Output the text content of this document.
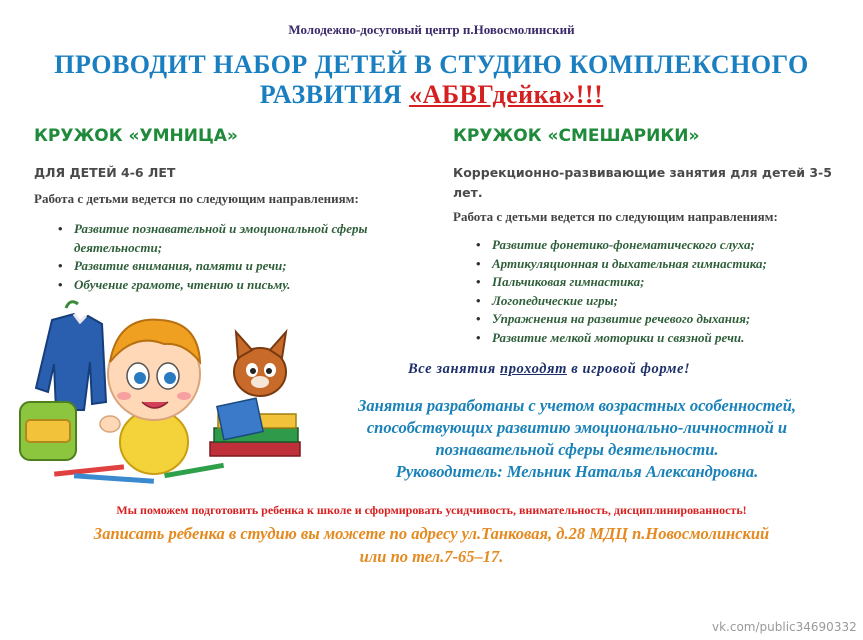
Молодежно-досуговый центр п.Новосмолинский
ПРОВОДИТ НАБОР ДЕТЕЙ В СТУДИЮ КОМПЛЕКСНОГО
РАЗВИТИЯ «АБВГдейка»!!!
КРУЖОК «УМНИЦА»
ДЛЯ ДЕТЕЙ 4-6 ЛЕТ
Работа с детьми ведется по следующим направлениям:
• Развитие познавательной и эмоциональной сферы деятельности;
• Развитие внимания, памяти и речи;
• Обучение грамоте, чтению и письму.
КРУЖОК «СМЕШАРИКИ»
Коррекционно-развивающие занятия для детей 3-5 лет.
Работа с детьми ведется по следующим направлениям:
• Развитие фонетико-фонематического слуха;
• Артикуляционная и дыхательная гимнастика;
• Пальчиковая гимнастика;
• Логопедические игры;
• Упражнения на развитие речевого дыхания;
• Развитие мелкой моторики и связной речи.
Все занятия проходят в игровой форме!
Занятия разработаны с учетом возрастных особенностей,
способствующих развитию эмоционально-личностной и
познавательной сферы деятельности.
Руководитель: Мельник Наталья Александровна.
Мы поможем подготовить ребенка к школе и сформировать усидчивость, внимательность, дисциплинированность!
Записать ребенка в студию вы можете по адресу ул.Танковая, д.28 МДЦ п.Новосмолинский
или по тел.7-65–17.
vk.com/public34690332
